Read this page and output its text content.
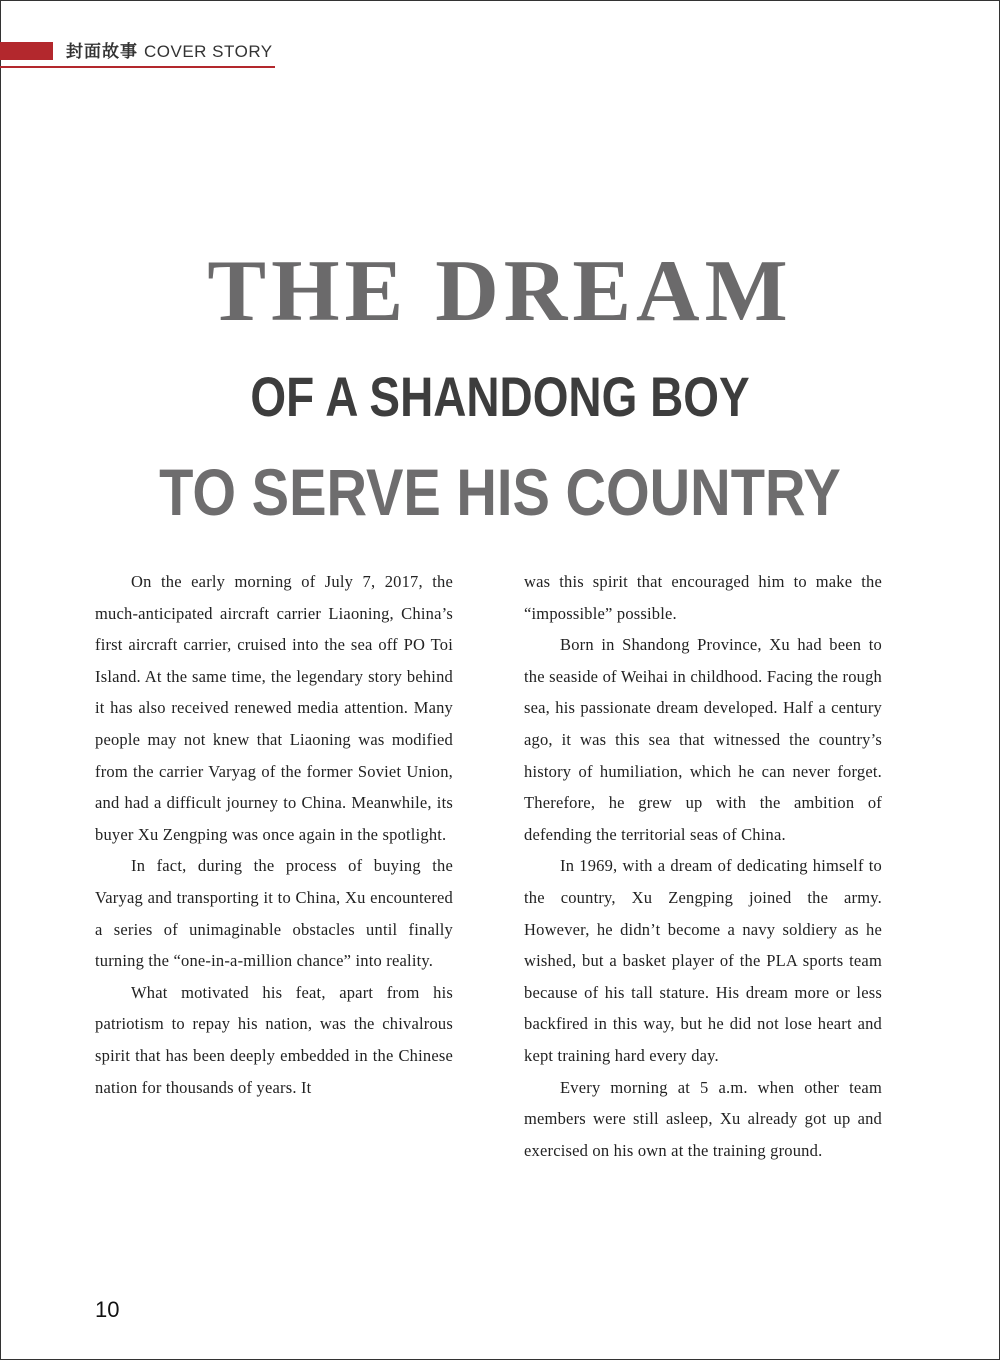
封面故事 COVER STORY
THE DREAM
OF A SHANDONG BOY
TO SERVE HIS COUNTRY

On the early morning of July 7, 2017, the much-anticipated aircraft carrier Liaoning, China’s first aircraft carrier, cruised into the sea off PO Toi Island. At the same time, the legendary story behind it has also received renewed media attention. Many people may not knew that Liaoning was modified from the carrier Varyag of the former Soviet Union, and had a difficult journey to China. Meanwhile, its buyer Xu Zengping was once again in the spotlight.

In fact, during the process of buying the Varyag and transporting it to China, Xu encountered a series of unimaginable obstacles until finally turning the “one-in-a-million chance” into reality.

What motivated his feat, apart from his patriotism to repay his nation, was the chivalrous spirit that has been deeply embedded in the Chinese nation for thousands of years. It

was this spirit that encouraged him to make the “impossible” possible.

Born in Shandong Province, Xu had been to the seaside of Weihai in childhood. Facing the rough sea, his passionate dream developed. Half a century ago, it was this sea that witnessed the country’s history of humiliation, which he can never forget. Therefore, he grew up with the ambition of defending the territorial seas of China.

In 1969, with a dream of dedicating himself to the country, Xu Zengping joined the army. However, he didn’t become a navy soldiery as he wished, but a basket player of the PLA sports team because of his tall stature. His dream more or less backfired in this way, but he did not lose heart and kept training hard every day.

Every morning at 5 a.m. when other team members were still asleep, Xu already got up and exercised on his own at the training ground.

10
